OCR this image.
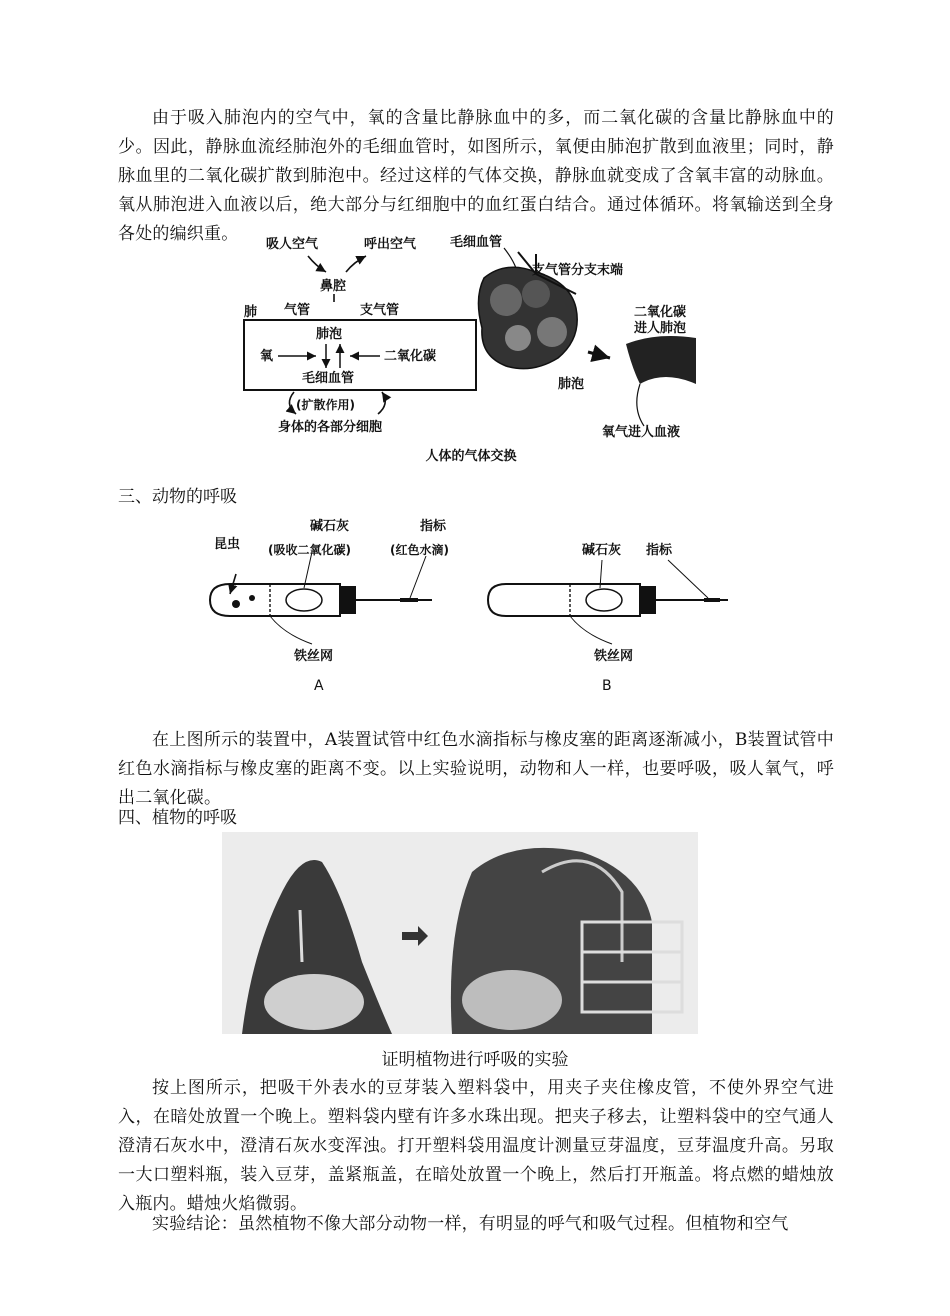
由于吸入肺泡内的空气中，氧的含量比静脉血中的多，而二氧化碳的含量比静脉血中的少。因此，静脉血流经肺泡外的毛细血管时，如图所示，氧便由肺泡扩散到血液里；同时，静脉血里的二氧化碳扩散到肺泡中。经过这样的气体交换，静脉血就变成了含氧丰富的动脉血。氧从肺泡进入血液以后，绝大部分与红细胞中的血红蛋白结合。通过体循环。将氧输送到全身各处的编织重。

吸人空气	呼出空气
鼻腔
肺 气管	支气管
肺泡
氧	二氧化碳
毛细血管
(扩散作用)
身体的各部分细胞
毛细血管
支气管分支末端
肺泡
二氧化碳
进人肺泡
氧气进人血液
人体的气体交换

三、动物的呼吸

昆虫
碱石灰
(吸收二氧化碳)
指标
(红色水滴)
铁丝网
A
碱石灰 指标
铁丝网
B

在上图所示的装置中，A装置试管中红色水滴指标与橡皮塞的距离逐渐减小，B装置试管中红色水滴指标与橡皮塞的距离不变。以上实验说明，动物和人一样，也要呼吸，吸人氧气，呼出二氧化碳。

四、植物的呼吸

证明植物进行呼吸的实验

按上图所示，把吸干外表水的豆芽装入塑料袋中，用夹子夹住橡皮管，不使外界空气进入，在暗处放置一个晚上。塑料袋内壁有许多水珠出现。把夹子移去，让塑料袋中的空气通人澄清石灰水中，澄清石灰水变浑浊。打开塑料袋用温度计测量豆芽温度，豆芽温度升高。另取一大口塑料瓶，装入豆芽，盖紧瓶盖，在暗处放置一个晚上，然后打开瓶盖。将点燃的蜡烛放入瓶内。蜡烛火焰微弱。

实验结论：虽然植物不像大部分动物一样，有明显的呼气和吸气过程。但植物和空气
